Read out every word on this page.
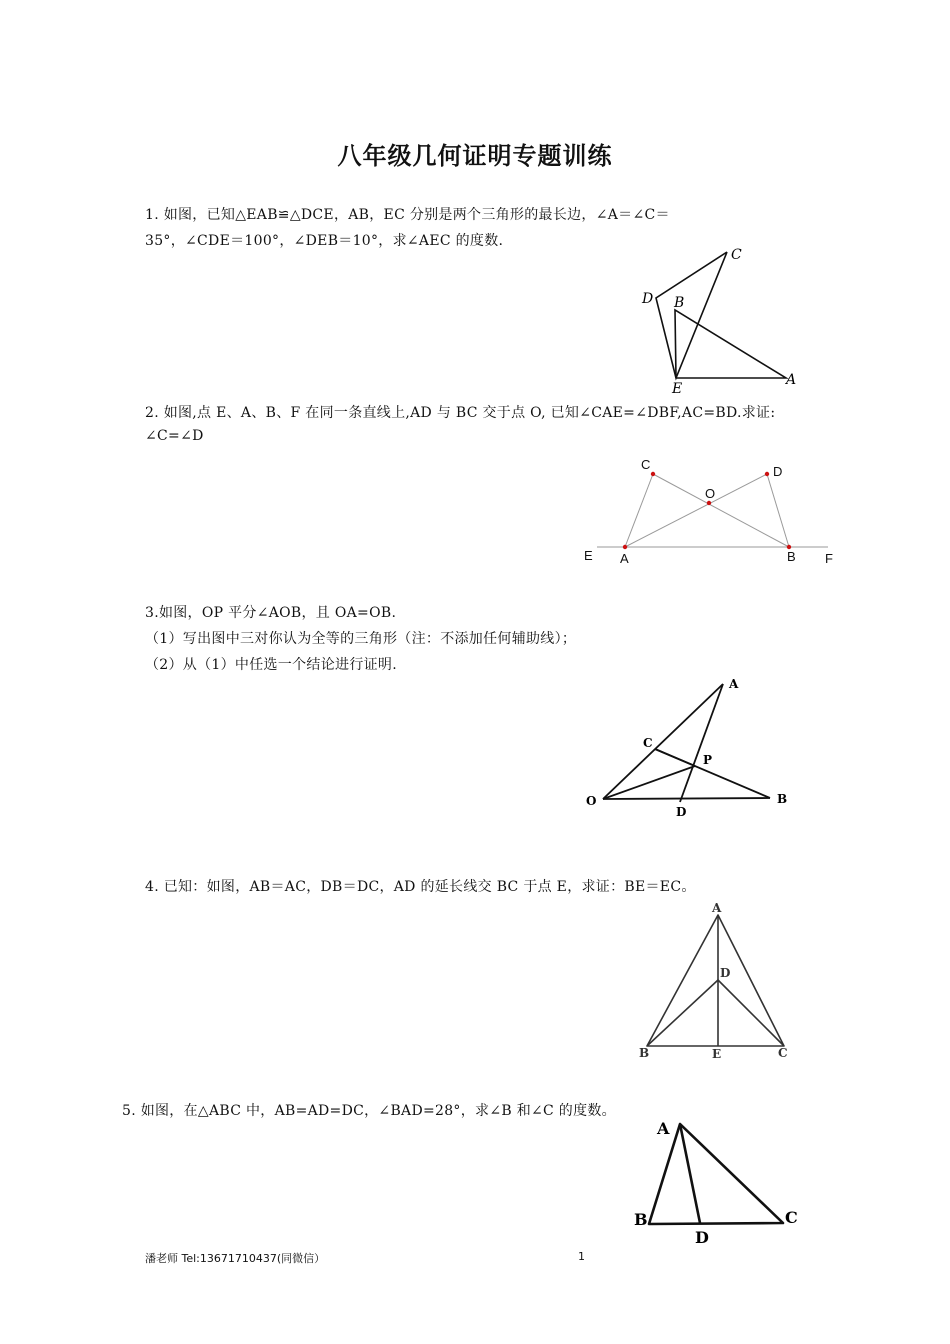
八年级几何证明专题训练
1. 如图，已知△EAB≌△DCE，AB，EC 分别是两个三角形的最长边，∠A＝∠C＝
35°，∠CDE＝100°，∠DEB＝10°，求∠AEC 的度数.
C
D B
E
A
2. 如图,点 E、A、B、F 在同一条直线上,AD 与 BC 交于点 O, 已知∠CAE=∠DBF,AC=BD.求证:
∠C=∠D
C	D
O
E A	B F
3.如图，OP 平分∠AOB，且 OA=OB.
（1）写出图中三对你认为全等的三角形（注：不添加任何辅助线）；
（2）从（1）中任选一个结论进行证明.
A
C
P
O
D
B
4. 已知：如图，AB＝AC，DB＝DC，AD 的延长线交 BC 于点 E，求证：BE＝EC。
A
D
B	E	C
5. 如图，在△ABC 中，AB=AD=DC，∠BAD=28°，求∠B 和∠C 的度数。
A
B	C
D
潘老师 Tel:13671710437(同微信）	1
